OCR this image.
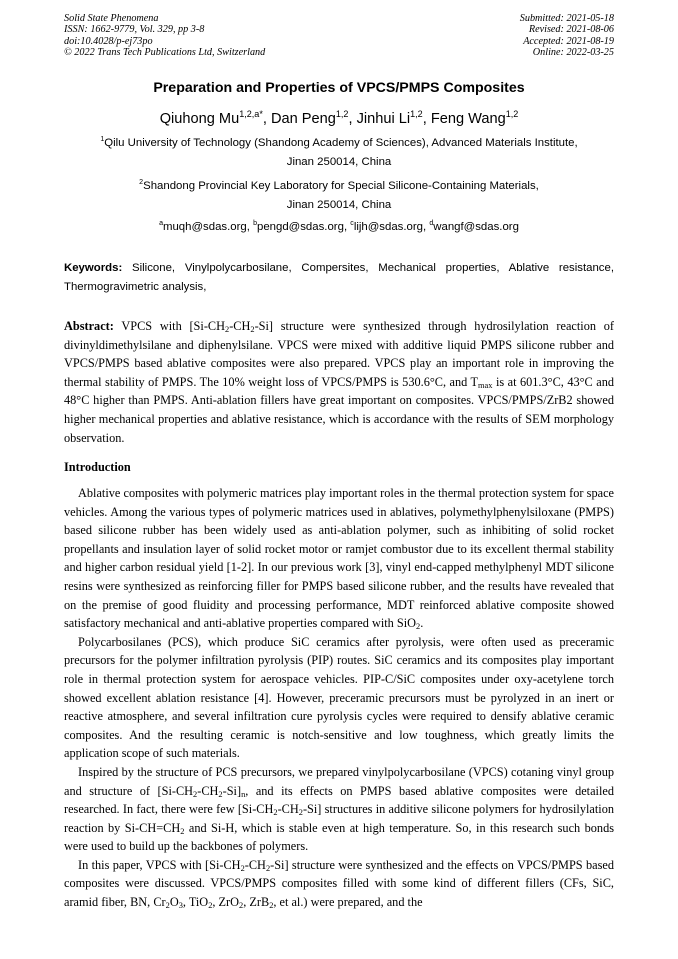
Solid State Phenomena
ISSN: 1662-9779, Vol. 329, pp 3-8
doi:10.4028/p-ej73po
© 2022 Trans Tech Publications Ltd, Switzerland
Submitted: 2021-05-18
Revised: 2021-08-06
Accepted: 2021-08-19
Online: 2022-03-25
Preparation and Properties of VPCS/PMPS Composites
Qiuhong $Mu^{1,2,a*}$, Dan Peng$^{1,2}$, Jinhui Li$^{1,2}$, Feng Wang$^{1,2}$
$^1$Qilu University of Technology (Shandong Academy of Sciences), Advanced Materials Institute,
Jinan 250014, China
$^2$Shandong Provincial Key Laboratory for Special Silicone-Containing Materials,
Jinan 250014, China
$^a$muqh@sdas.org, $^b$pengd@sdas.org, $^c$lijh@sdas.org, $^d$wangf@sdas.org
Keywords: Silicone, Vinylpolycarbosilane, Compersites, Mechanical properties, Ablative resistance, Thermogravimetric analysis,
Abstract: VPCS with $[Si-CH_2-CH_2-Si]$ structure were synthesized through hydrosilylation reaction of divinyldimethylsilane and diphenylsilane. VPCS were mixed with additive liquid PMPS silicone rubber and VPCS/PMPS based ablative composites were also prepared. VPCS play an important role in improving the thermal stability of PMPS. The 10% weight loss of VPCS/PMPS is 530.6°C, and $T_{max}$ is at 601.3°C, 43°C and 48°C higher than PMPS. Anti-ablation fillers have great important on composites. VPCS/PMPS/ZrB2 showed higher mechanical properties and ablative resistance, which is accordance with the results of SEM morphology observation.
Introduction

Ablative composites with polymeric matrices play important roles in the thermal protection system for space vehicles. Among the various types of polymeric matrices used in ablatives, polymethylphenylsiloxane (PMPS) based silicone rubber has been widely used as anti-ablation polymer, such as inhibiting of solid rocket propellants and insulation layer of solid rocket motor or ramjet combustor due to its excellent thermal stability and higher carbon residual yield [1-2]. In our previous work [3], vinyl end-capped methylphenyl MDT silicone resins were synthesized as reinforcing filler for PMPS based silicone rubber, and the results have revealed that on the premise of good fluidity and processing performance, MDT reinforced ablative composite showed satisfactory mechanical and anti-ablative properties compared with SiO$_2$.

Polycarbosilanes (PCS), which produce SiC ceramics after pyrolysis, were often used as preceramic precursors for the polymer infiltration pyrolysis (PIP) routes. SiC ceramics and its composites play important role in thermal protection system for aerospace vehicles. PIP-C/SiC composites under oxy-acetylene torch showed excellent ablation resistance [4]. However, preceramic precursors must be pyrolyzed in an inert or reactive atmosphere, and several infiltration cure pyrolysis cycles were required to densify ablative ceramic composites. And the resulting ceramic is notch-sensitive and low toughness, which greatly limits the application scope of such materials.

Inspired by the structure of PCS precursors, we prepared vinylpolycarbosilane (VPCS) cotaning vinyl group and structure of $[Si-CH_2-CH_2-Si]_n$, and its effects on PMPS based ablative composites were detailed researched. In fact, there were few $[Si-CH_2-CH_2-Si]$ structures in additive silicone polymers for hydrosilylation reaction by $Si-CH=CH_2$ and Si-H, which is stable even at high temperature. So, in this research such bonds were used to build up the backbones of polymers.

In this paper, VPCS with $[Si-CH_2-CH_2-Si]$ structure were synthesized and the effects on VPCS/PMPS based composites were discussed. VPCS/PMPS composites filled with some kind of different fillers (CFs, SiC, aramid fiber, BN, $Cr_2O_3$, TiO$_2$, ZrO$_2$, ZrB$_2$, et al.) were prepared, and the
